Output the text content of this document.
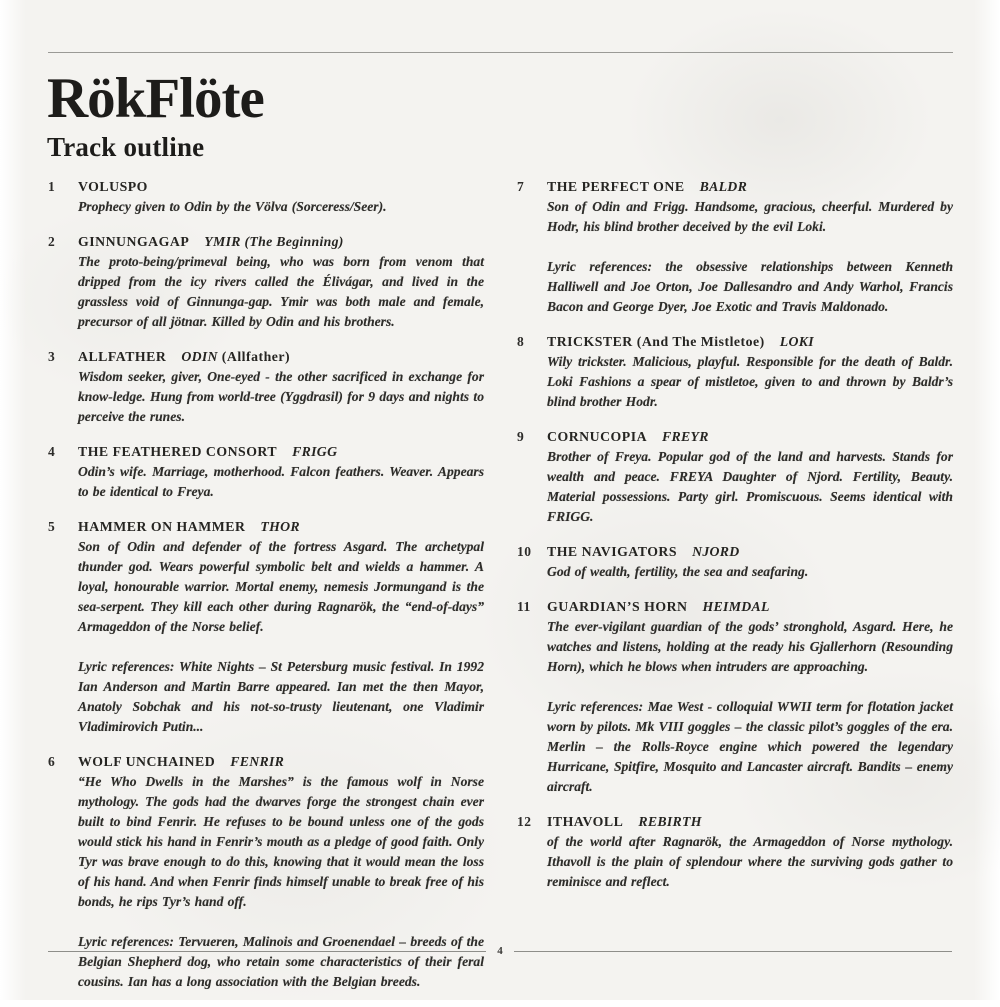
RökFlöte
Track outline
1	VOLUSPO

Prophecy given to Odin by the Völva (Sorceress/Seer).

2	GINNUNGAGAP YMIR (The Beginning)

The proto-being/primeval being, who was born from venom that dripped from the icy rivers called the Élivágar, and lived in the grassless void of Ginnunga-gap. Ymir was both male and female, precursor of all jötnar. Killed by Odin and his brothers.

3	ALLFATHER ODIN (Allfather)

Wisdom seeker, giver, One-eyed - the other sacrificed in exchange for know-ledge. Hung from world-tree (Yggdrasil) for 9 days and nights to perceive the runes.

4	THE FEATHERED CONSORT FRIGG

Odin’s wife. Marriage, motherhood. Falcon feathers. Weaver. Appears to be identical to Freya.

5	HAMMER ON HAMMER THOR

Son of Odin and defender of the fortress Asgard. The archetypal thunder god. Wears powerful symbolic belt and wields a hammer. A loyal, honourable warrior. Mortal enemy, nemesis Jormungand is the sea-serpent. They kill each other during Ragnarök, the “end-of-days” Armageddon of the Norse belief.

Lyric references: White Nights – St Petersburg music festival. In 1992 Ian Anderson and Martin Barre appeared. Ian met the then Mayor, Anatoly Sobchak and his not-so-trusty lieutenant, one Vladimir Vladimirovich Putin...

6	WOLF UNCHAINED FENRIR

“He Who Dwells in the Marshes” is the famous wolf in Norse mythology. The gods had the dwarves forge the strongest chain ever built to bind Fenrir. He refuses to be bound unless one of the gods would stick his hand in Fenrir’s mouth as a pledge of good faith. Only Tyr was brave enough to do this, knowing that it would mean the loss of his hand. And when Fenrir finds himself unable to break free of his bonds, he rips Tyr’s hand off.

Lyric references: Tervueren, Malinois and Groenendael – breeds of the Belgian Shepherd dog, who retain some characteristics of their feral cousins. Ian has a long association with the Belgian breeds.

7	THE PERFECT ONE BALDR

Son of Odin and Frigg. Handsome, gracious, cheerful. Murdered by Hodr, his blind brother deceived by the evil Loki.

Lyric references: the obsessive relationships between Kenneth Halliwell and Joe Orton, Joe Dallesandro and Andy Warhol, Francis Bacon and George Dyer, Joe Exotic and Travis Maldonado.

8	TRICKSTER (And The Mistletoe) LOKI

Wily trickster. Malicious, playful. Responsible for the death of Baldr. Loki Fashions a spear of mistletoe, given to and thrown by Baldr’s blind brother Hodr.

9	CORNUCOPIA FREYR

Brother of Freya. Popular god of the land and harvests. Stands for wealth and peace. FREYA Daughter of Njord. Fertility, Beauty. Material possessions. Party girl. Promiscuous. Seems identical with FRIGG.

10	THE NAVIGATORS NJORD

God of wealth, fertility, the sea and seafaring.

11	GUARDIAN’S HORN HEIMDAL

The ever-vigilant guardian of the gods’ stronghold, Asgard. Here, he watches and listens, holding at the ready his Gjallerhorn (Resounding Horn), which he blows when intruders are approaching.

Lyric references: Mae West - colloquial WWII term for flotation jacket worn by pilots. Mk VIII goggles – the classic pilot’s goggles of the era. Merlin – the Rolls-Royce engine which powered the legendary Hurricane, Spitfire, Mosquito and Lancaster aircraft. Bandits – enemy aircraft.

12	ITHAVOLL REBIRTH

of the world after Ragnarök, the Armageddon of Norse mythology. Ithavoll is the plain of splendour where the surviving gods gather to reminisce and reflect.

4
